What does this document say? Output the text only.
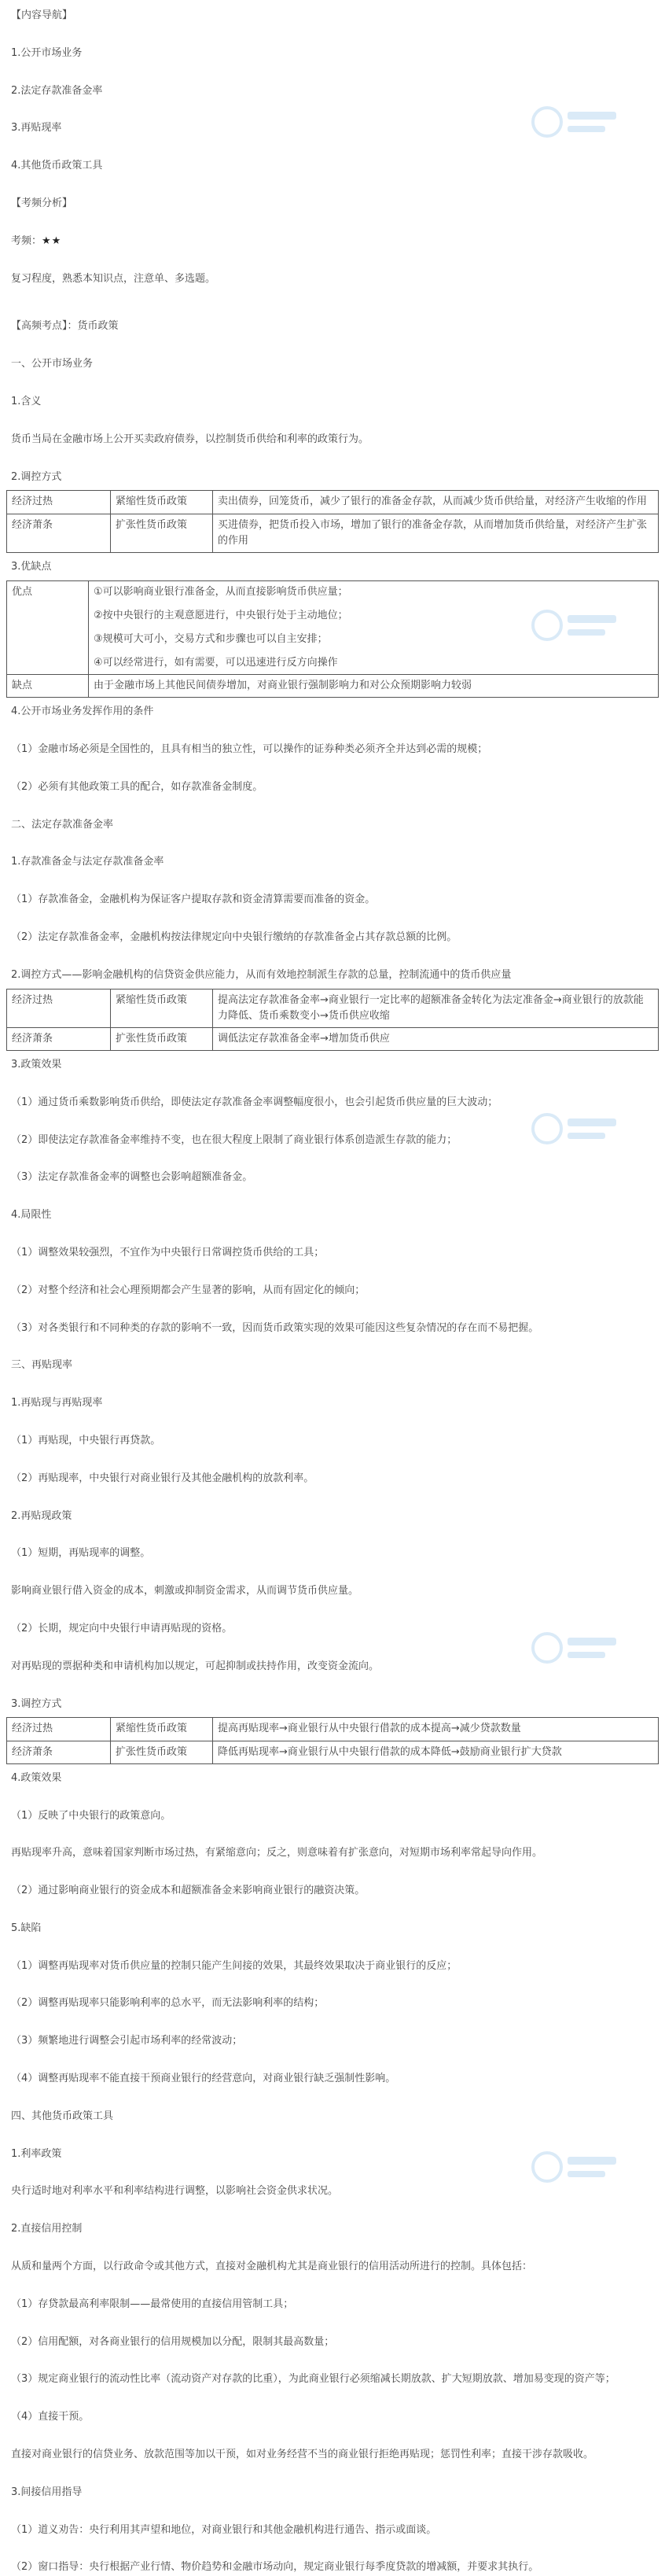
【内容导航】

1.公开市场业务

2.法定存款准备金率

3.再贴现率

4.其他货币政策工具

【考频分析】

考频：★★

复习程度，熟悉本知识点，注意单、多选题。

【高频考点】：货币政策

一、公开市场业务

1.含义

货币当局在金融市场上公开买卖政府债券，以控制货币供给和利率的政策行为。

2.调控方式

经济过热	紧缩性货币政策	卖出债券，回笼货币，减少了银行的准备金存款，从而减少货币供给量，对经济产生收缩的作用
经济萧条	扩张性货币政策	买进债券，把货币投入市场，增加了银行的准备金存款，从而增加货币供给量，对经济产生扩张的作用

3.优缺点

优点	①可以影响商业银行准备金，从而直接影响货币供应量；
②按中央银行的主观意愿进行，中央银行处于主动地位；
③规模可大可小，交易方式和步骤也可以自主安排；
④可以经常进行，如有需要，可以迅速进行反方向操作

缺点	由于金融市场上其他民间债券增加，对商业银行强制影响力和对公众预期影响力较弱

4.公开市场业务发挥作用的条件

（1）金融市场必须是全国性的，且具有相当的独立性，可以操作的证券种类必须齐全并达到必需的规模；

（2）必须有其他政策工具的配合，如存款准备金制度。

二、法定存款准备金率

1.存款准备金与法定存款准备金率

（1）存款准备金，金融机构为保证客户提取存款和资金清算需要而准备的资金。

（2）法定存款准备金率，金融机构按法律规定向中央银行缴纳的存款准备金占其存款总额的比例。

2.调控方式——影响金融机构的信贷资金供应能力，从而有效地控制派生存款的总量，控制流通中的货币供应量

经济过热	紧缩性货币政策	提高法定存款准备金率→商业银行一定比率的超额准备金转化为法定准备金→商业银行的放款能力降低、货币乘数变小→货币供应收缩
经济萧条	扩张性货币政策	调低法定存款准备金率→增加货币供应

3.政策效果

（1）通过货币乘数影响货币供给，即使法定存款准备金率调整幅度很小，也会引起货币供应量的巨大波动；

（2）即使法定存款准备金率维持不变，也在很大程度上限制了商业银行体系创造派生存款的能力；

（3）法定存款准备金率的调整也会影响超额准备金。

4.局限性

（1）调整效果较强烈，不宜作为中央银行日常调控货币供给的工具；

（2）对整个经济和社会心理预期都会产生显著的影响，从而有固定化的倾向；

（3）对各类银行和不同种类的存款的影响不一致，因而货币政策实现的效果可能因这些复杂情况的存在而不易把握。

三、再贴现率

1.再贴现与再贴现率

（1）再贴现，中央银行再贷款。

（2）再贴现率，中央银行对商业银行及其他金融机构的放款利率。

2.再贴现政策

（1）短期，再贴现率的调整。

影响商业银行借入资金的成本，刺激或抑制资金需求，从而调节货币供应量。

（2）长期，规定向中央银行申请再贴现的资格。

对再贴现的票据种类和申请机构加以规定，可起抑制或扶持作用，改变资金流向。

3.调控方式

经济过热	紧缩性货币政策	提高再贴现率→商业银行从中央银行借款的成本提高→减少贷款数量
经济萧条	扩张性货币政策	降低再贴现率→商业银行从中央银行借款的成本降低→鼓励商业银行扩大贷款

4.政策效果

（1）反映了中央银行的政策意向。

再贴现率升高，意味着国家判断市场过热，有紧缩意向；反之，则意味着有扩张意向，对短期市场利率常起导向作用。

（2）通过影响商业银行的资金成本和超额准备金来影响商业银行的融资决策。

5.缺陷

（1）调整再贴现率对货币供应量的控制只能产生间接的效果，其最终效果取决于商业银行的反应；

（2）调整再贴现率只能影响利率的总水平，而无法影响利率的结构；

（3）频繁地进行调整会引起市场利率的经常波动；

（4）调整再贴现率不能直接干预商业银行的经营意向，对商业银行缺乏强制性影响。

四、其他货币政策工具

1.利率政策

央行适时地对利率水平和利率结构进行调整，以影响社会资金供求状况。

2.直接信用控制

从质和量两个方面，以行政命令或其他方式，直接对金融机构尤其是商业银行的信用活动所进行的控制。具体包括：

（1）存贷款最高利率限制——最常使用的直接信用管制工具；

（2）信用配额，对各商业银行的信用规模加以分配，限制其最高数量；

（3）规定商业银行的流动性比率（流动资产对存款的比重），为此商业银行必须缩减长期放款、扩大短期放款、增加易变现的资产等；

（4）直接干预。

直接对商业银行的信贷业务、放款范围等加以干预，如对业务经营不当的商业银行拒绝再贴现；惩罚性利率；直接干涉存款吸收。

3.间接信用指导

（1）道义劝告：央行利用其声望和地位，对商业银行和其他金融机构进行通告、指示或面谈。

（2）窗口指导：央行根据产业行情、物价趋势和金融市场动向，规定商业银行每季度贷款的增减额，并要求其执行。
